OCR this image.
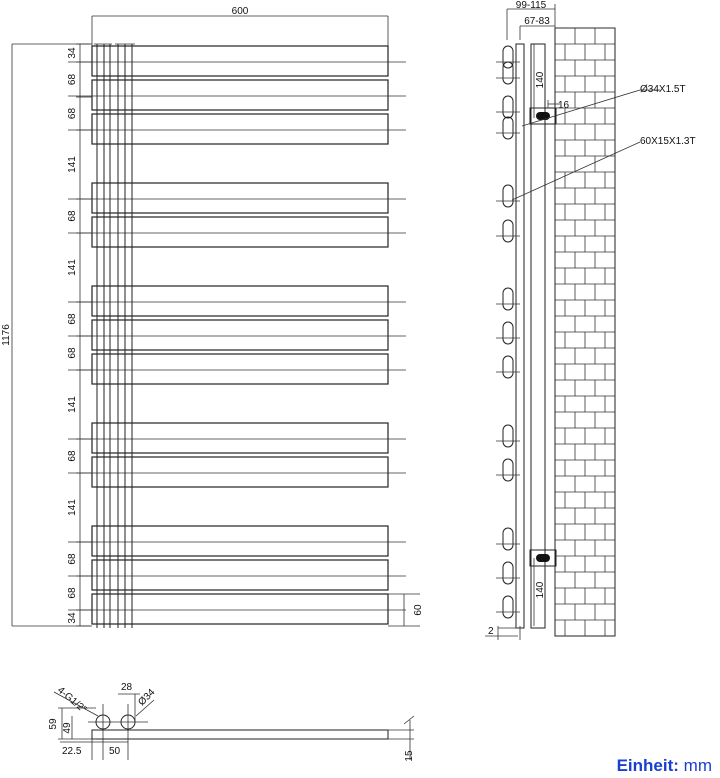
600
1176
34
68
68
141
68
141
68
68
141
68
141
68
68
34
60
99-115
67-83
2
16
140
140
Ø34X1.5T
60X15X1.3T
28 Ø34
4-G1/2"
59 49
22.5	50	15	Einheit: mm
